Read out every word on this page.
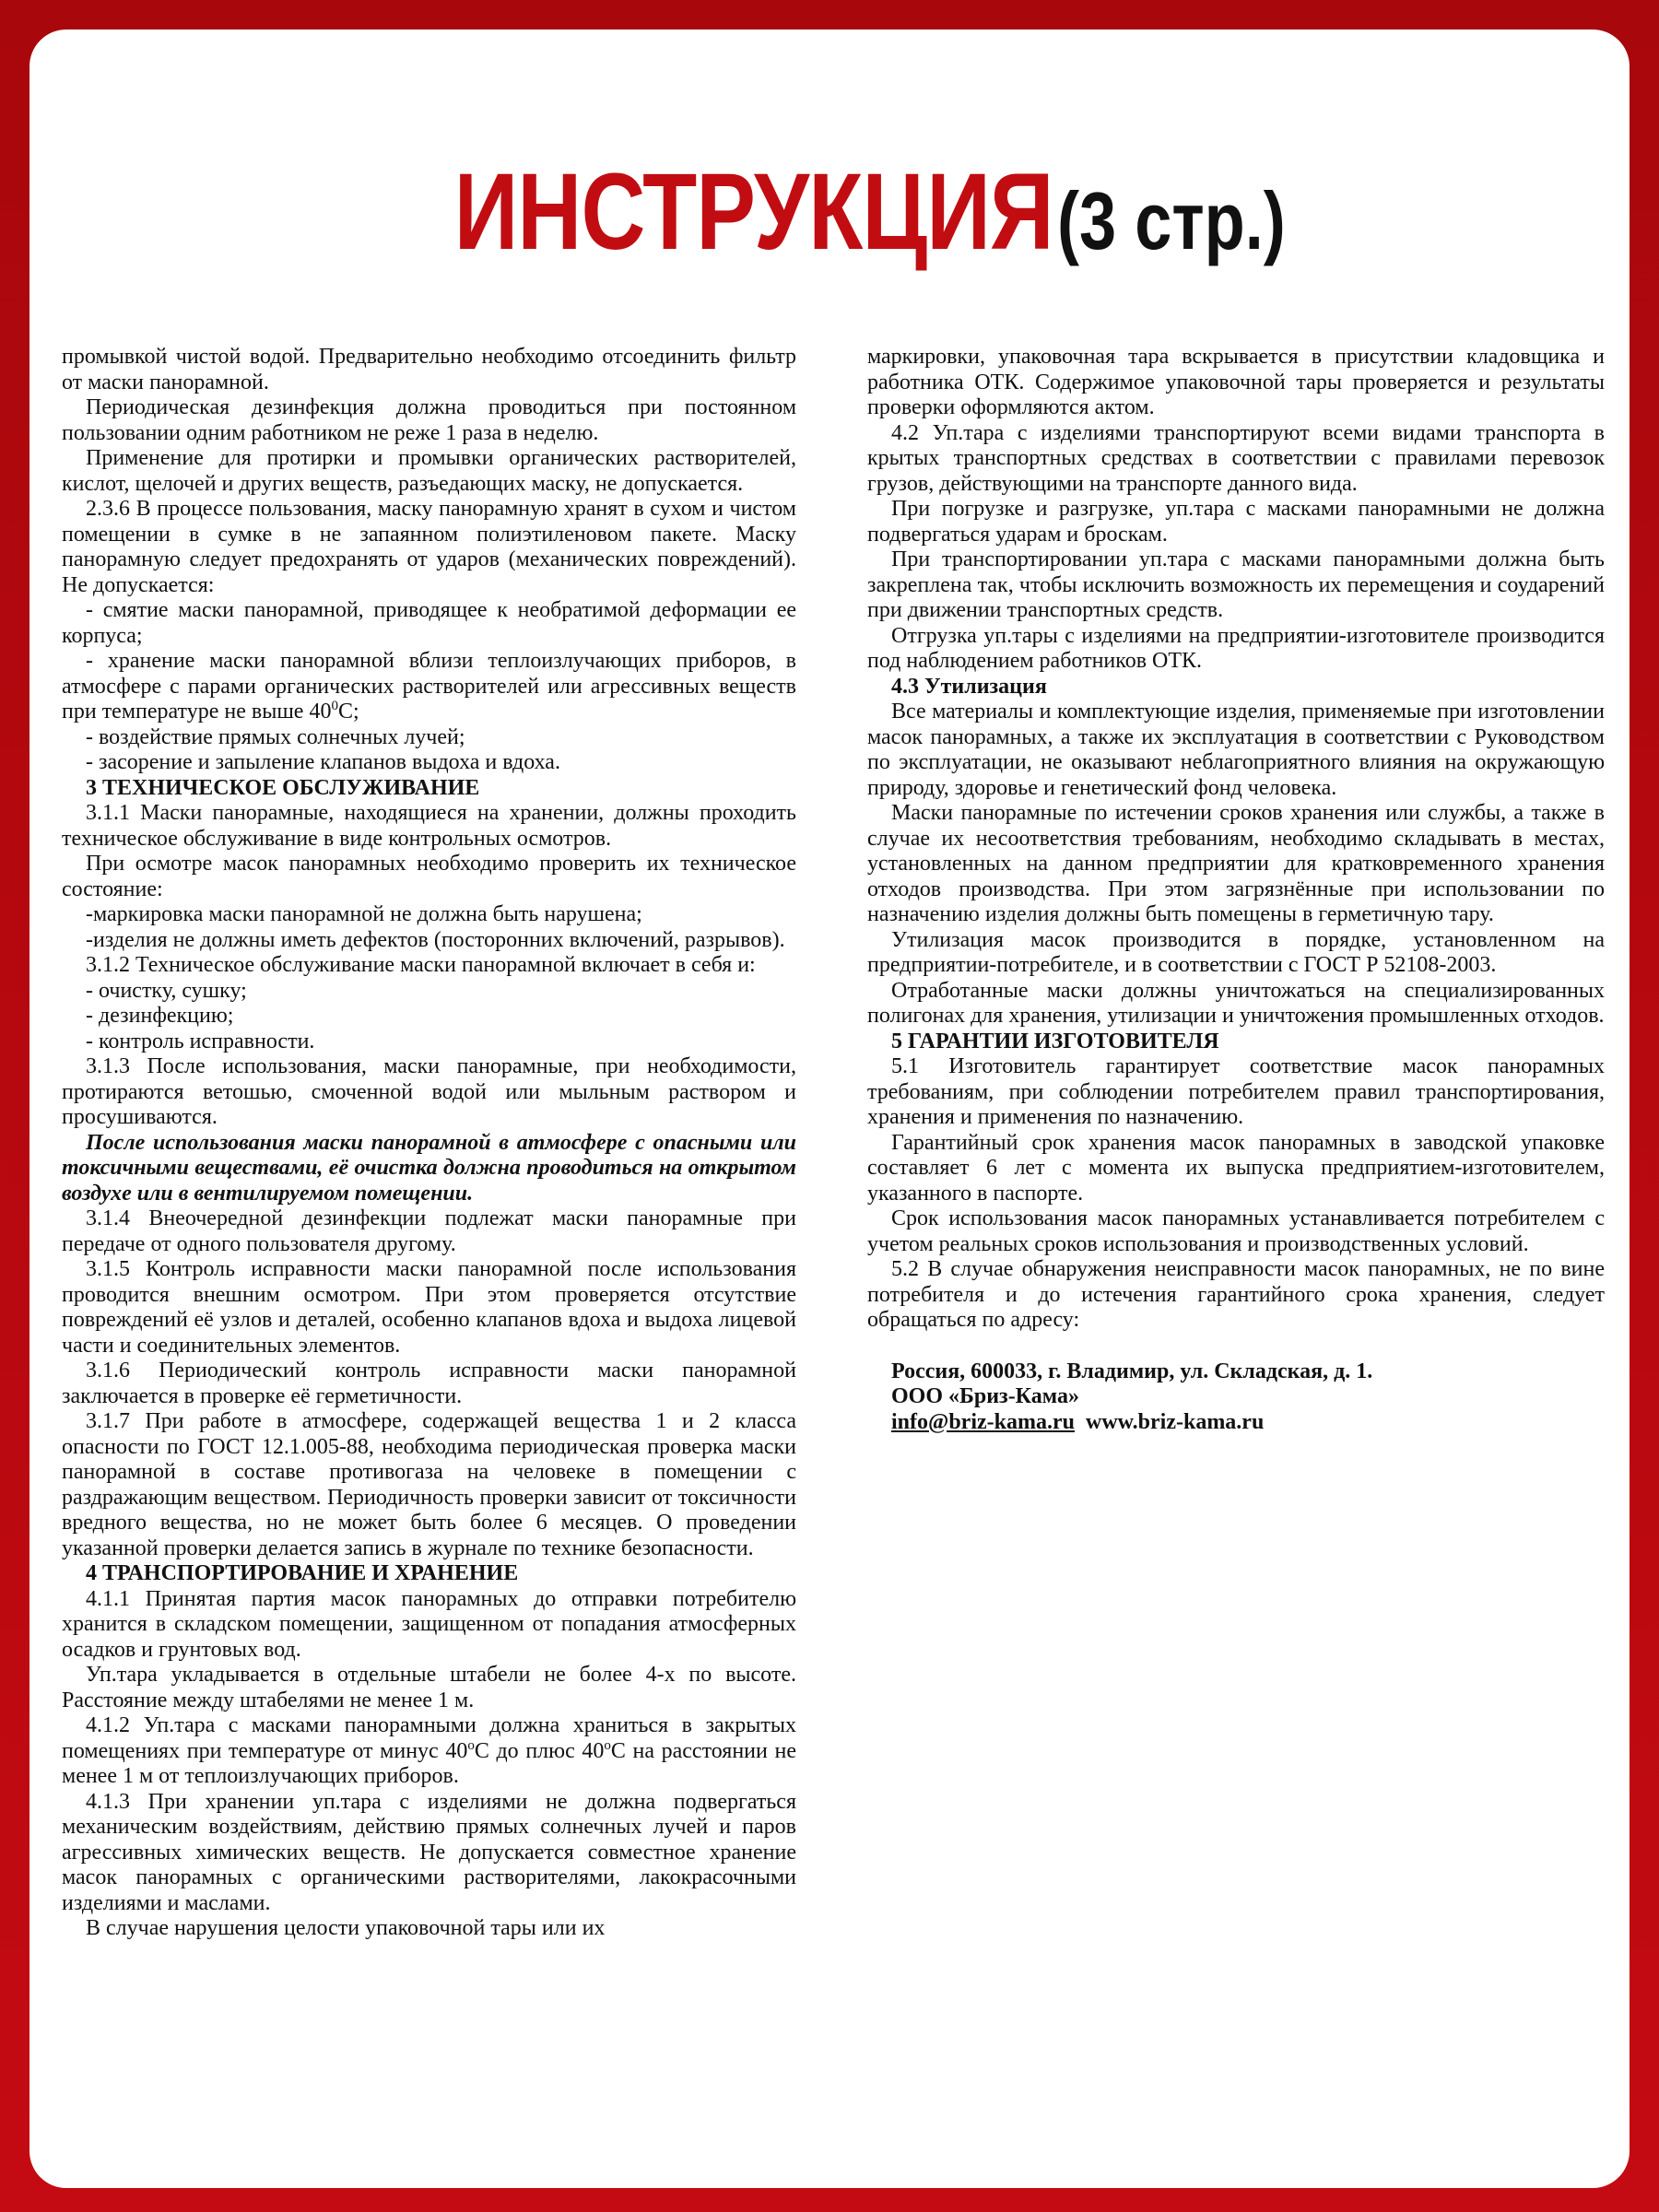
ИНСТРУКЦИЯ (3 стр.)

промывкой чистой водой. Предварительно необходимо отсоединить фильтр от маски панорамной.

Периодическая дезинфекция должна проводиться при постоянном пользовании одним работником не реже 1 раза в неделю.

Применение для протирки и промывки органических растворителей, кислот, щелочей и других веществ, разъедающих маску, не допускается.

2.3.6 В процессе пользования, маску панорамную хранят в сухом и чистом помещении в сумке в не запаянном полиэтиленовом пакете. Маску панорамную следует предохранять от ударов (механических повреждений). Не допускается:

- смятие маски панорамной, приводящее к необратимой деформации ее корпуса;

- хранение маски панорамной вблизи теплоизлучающих приборов, в атмосфере с парами органических растворителей или агрессивных веществ при температуре не выше $40^0С$;

- воздействие прямых солнечных лучей;

- засорение и запыление клапанов выдоха и вдоха.

3 ТЕХНИЧЕСКОЕ ОБСЛУЖИВАНИЕ

3.1.1 Маски панорамные, находящиеся на хранении, должны проходить техническое обслуживание в виде контрольных осмотров.

При осмотре масок панорамных необходимо проверить их техническое состояние:

-маркировка маски панорамной не должна быть нарушена;

-изделия не должны иметь дефектов (посторонних включений, разрывов).

3.1.2 Техническое обслуживание маски панорамной включает в себя и:

- очистку, сушку;

- дезинфекцию;

- контроль исправности.

3.1.3 После использования, маски панорамные, при необходимости, протираются ветошью, смоченной водой или мыльным раствором и просушиваются.

После использования маски панорамной в атмосфере с опасными или токсичными веществами, её очистка должна проводиться на открытом воздухе или в вентилируемом помещении.

3.1.4 Внеочередной дезинфекции подлежат маски панорамные при передаче от одного пользователя другому.

3.1.5 Контроль исправности маски панорамной после использования проводится внешним осмотром. При этом проверяется отсутствие повреждений её узлов и деталей, особенно клапанов вдоха и выдоха лицевой части и соединительных элементов.

3.1.6 Периодический контроль исправности маски панорамной заключается в проверке её герметичности.

3.1.7 При работе в атмосфере, содержащей вещества 1 и 2 класса опасности по ГОСТ 12.1.005-88, необходима периодическая проверка маски панорамной в составе противогаза на человеке в помещении с раздражающим веществом. Периодичность проверки зависит от токсичности вредного вещества, но не может быть более 6 месяцев. О проведении указанной проверки делается запись в журнале по технике безопасности.

4 ТРАНСПОРТИРОВАНИЕ И ХРАНЕНИЕ

4.1.1 Принятая партия масок панорамных до отправки потребителю хранится в складском помещении, защищенном от попадания атмосферных осадков и грунтовых вод.

Уп.тара укладывается в отдельные штабели не более 4-х по высоте. Расстояние между штабелями не менее 1 м.

4.1.2 Уп.тара с масками панорамными должна храниться в закрытых помещениях при температуре от минус $40^оС$ до плюс $40^оС$ на расстоянии не менее 1 м от теплоизлучающих приборов.

4.1.3 При хранении уп.тара с изделиями не должна подвергаться механическим воздействиям, действию прямых солнечных лучей и паров агрессивных химических веществ. Не допускается совместное хранение масок панорамных с органическими растворителями, лакокрасочными изделиями и маслами.

В случае нарушения целости упаковочной тары или их

маркировки, упаковочная тара вскрывается в присутствии кладовщика и работника ОТК. Содержимое упаковочной тары проверяется и результаты проверки оформляются актом.

4.2 Уп.тара с изделиями транспортируют всеми видами транспорта в крытых транспортных средствах в соответствии с правилами перевозок грузов, действующими на транспорте данного вида.

При погрузке и разгрузке, уп.тара с масками панорамными не должна подвергаться ударам и броскам.

При транспортировании уп.тара с масками панорамными должна быть закреплена так, чтобы исключить возможность их перемещения и соударений при движении транспортных средств.

Отгрузка уп.тары с изделиями на предприятии-изготовителе производится под наблюдением работников ОТК.

4.3 Утилизация

Все материалы и комплектующие изделия, применяемые при изготовлении масок панорамных, а также их эксплуатация в соответствии с Руководством по эксплуатации, не оказывают неблагоприятного влияния на окружающую природу, здоровье и генетический фонд человека.

Маски панорамные по истечении сроков хранения или службы, а также в случае их несоответствия требованиям, необходимо складывать в местах, установленных на данном предприятии для кратковременного хранения отходов производства. При этом загрязнённые при использовании по назначению изделия должны быть помещены в герметичную тару.

Утилизация масок производится в порядке, установленном на предприятии-потребителе, и в соответствии с ГОСТ Р 52108-2003.

Отработанные маски должны уничтожаться на специализированных полигонах для хранения, утилизации и уничтожения промышленных отходов.

5 ГАРАНТИИ ИЗГОТОВИТЕЛЯ

5.1 Изготовитель гарантирует соответствие масок панорамных требованиям, при соблюдении потребителем правил транспортирования, хранения и применения по назначению.

Гарантийный срок хранения масок панорамных в заводской упаковке составляет 6 лет с момента их выпуска предприятием-изготовителем, указанного в паспорте.

Срок использования масок панорамных устанавливается потребителем с учетом реальных сроков использования и производственных условий.

5.2 В случае обнаружения неисправности масок панорамных, не по вине потребителя и до истечения гарантийного срока хранения, следует обращаться по адресу:

Россия, 600033, г. Владимир, ул. Складская, д. 1.
ООО «Бриз-Кама»
info@briz-kama.ru www.briz-kama.ru
